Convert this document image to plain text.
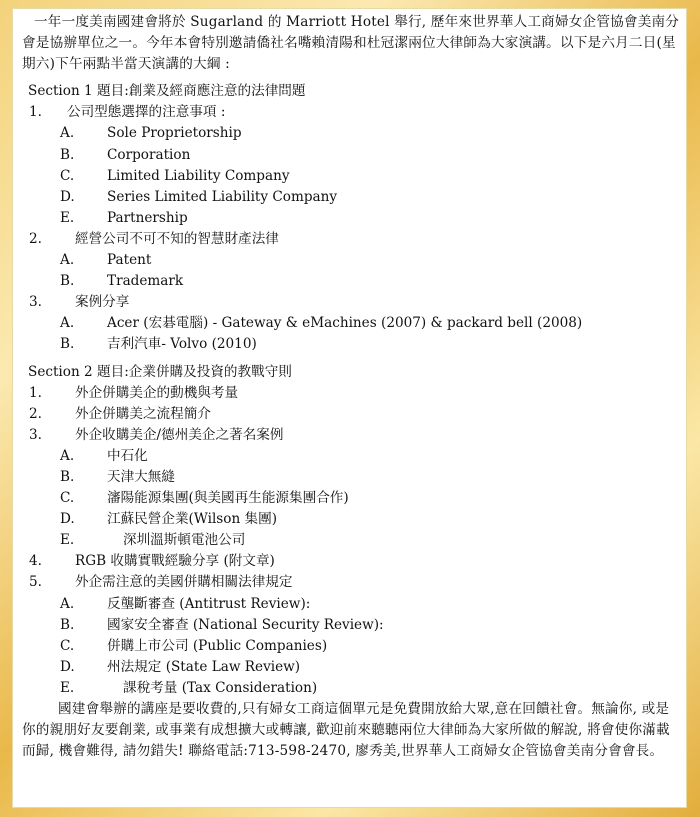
一年一度美南國建會將於 Sugarland 的 Marriott Hotel 舉行, 歷年來世界華人工商婦女企管協會美南分會是協辦單位之一。今年本會特別邀請僑社名嘴賴清陽和杜冠潔兩位大律師為大家演講。以下是六月二日(星期六)下午兩點半當天演講的大綱 :

Section 1 題目:創業及經商應注意的法律問題

1.	公司型態選擇的注意事項 :
A.	Sole Proprietorship
B.	Corporation
C.	Limited Liability Company
D.	Series Limited Liability Company
E.	Partnership
2.	經營公司不可不知的智慧財產法律
A.	Patent
B.	Trademark
3.	案例分享
A.	Acer (宏碁電腦) - Gateway & eMachines (2007) & packard bell (2008)
B.	吉利汽車- Volvo (2010)

Section 2 題目:企業併購及投資的教戰守則

1.	外企併購美企的動機與考量
2.	外企併購美之流程簡介
3.	外企收購美企/德州美企之著名案例
A.	中石化
B.	天津大無縫
C.	瀋陽能源集團(與美國再生能源集團合作)
D.	江蘇民營企業(Wilson 集團)
E.	深圳溫斯頓電池公司
4.	RGB 收購實戰經驗分享 (附文章)
5.	外企需注意的美國併購相關法律規定
A.	反壟斷審查 (Antitrust Review):
B.	國家安全審查 (National Security Review):
C.	併購上市公司 (Public Companies)
D.	州法規定 (State Law Review)
E.	課稅考量 (Tax Consideration)

國建會舉辦的講座是要收費的,只有婦女工商這個單元是免費開放給大眾,意在回饋社會。無論你, 或是你的親朋好友要創業, 或事業有成想擴大或轉讓, 歡迎前來聽聽兩位大律師為大家所做的解說, 將會使你滿載而歸, 機會難得, 請勿錯失! 聯絡電話:713-598-2470, 廖秀美,世界華人工商婦女企管協會美南分會會長。
